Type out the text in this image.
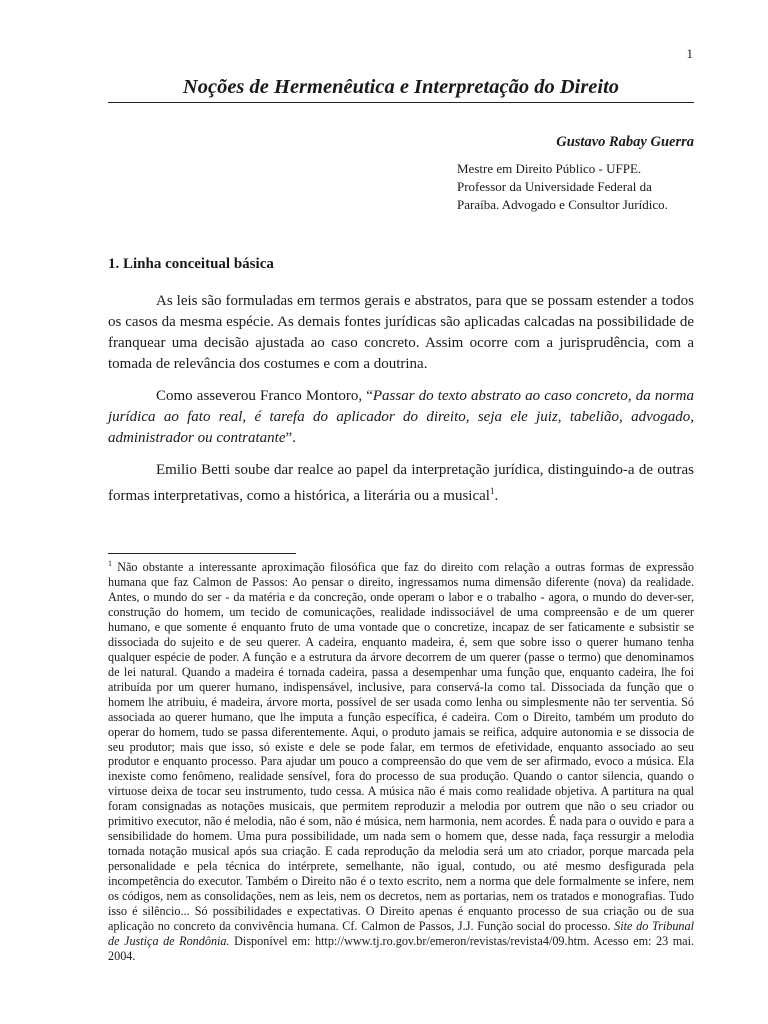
1
Noções de Hermenêutica e Interpretação do Direito
Gustavo Rabay Guerra
Mestre em Direito Público - UFPE.
Professor da Universidade Federal da
Paraíba. Advogado e Consultor Jurídico.
1. Linha conceitual básica

As leis são formuladas em termos gerais e abstratos, para que se possam estender a todos os casos da mesma espécie. As demais fontes jurídicas são aplicadas calcadas na possibilidade de franquear uma decisão ajustada ao caso concreto. Assim ocorre com a jurisprudência, com a tomada de relevância dos costumes e com a doutrina.

Como asseverou Franco Montoro, “Passar do texto abstrato ao caso concreto, da norma jurídica ao fato real, é tarefa do aplicador do direito, seja ele juiz, tabelião, advogado, administrador ou contratante”.

Emilio Betti soube dar realce ao papel da interpretação jurídica, distinguindo-a de outras formas interpretativas, como a histórica, a literária ou a musical$^1$.

$^1$ Não obstante a interessante aproximação filosófica que faz do direito com relação a outras formas de expressão humana que faz Calmon de Passos: Ao pensar o direito, ingressamos numa dimensão diferente (nova) da realidade. Antes, o mundo do ser - da matéria e da concreção, onde operam o labor e o trabalho - agora, o mundo do dever-ser, construção do homem, um tecido de comunicações, realidade indissociável de uma compreensão e de um querer humano, e que somente é enquanto fruto de uma vontade que o concretize, incapaz de ser faticamente e subsistir se dissociada do sujeito e de seu querer. A cadeira, enquanto madeira, é, sem que sobre isso o querer humano tenha qualquer espécie de poder. A função e a estrutura da árvore decorrem de um querer (passe o termo) que denominamos de lei natural. Quando a madeira é tornada cadeira, passa a desempenhar uma função que, enquanto cadeira, lhe foi atribuída por um querer humano, indispensável, inclusive, para conservá-la como tal. Dissociada da função que o homem lhe atribuiu, é madeira, árvore morta, possível de ser usada como lenha ou simplesmente não ter serventia. Só associada ao querer humano, que lhe imputa a função específica, é cadeira. Com o Direito, também um produto do operar do homem, tudo se passa diferentemente. Aqui, o produto jamais se reifica, adquire autonomia e se dissocia de seu produtor; mais que isso, só existe e dele se pode falar, em termos de efetividade, enquanto associado ao seu produtor e enquanto processo. Para ajudar um pouco a compreensão do que vem de ser afirmado, evoco a música. Ela inexiste como fenômeno, realidade sensível, fora do processo de sua produção. Quando o cantor silencia, quando o virtuose deixa de tocar seu instrumento, tudo cessa. A música não é mais como realidade objetiva. A partitura na qual foram consignadas as notações musicais, que permitem reproduzir a melodia por outrem que não o seu criador ou primitivo executor, não é melodia, não é som, não é música, nem harmonia, nem acordes. É nada para o ouvido e para a sensibilidade do homem. Uma pura possibilidade, um nada sem o homem que, desse nada, faça ressurgir a melodia tornada notação musical após sua criação. E cada reprodução da melodia será um ato criador, porque marcada pela personalidade e pela técnica do intérprete, semelhante, não igual, contudo, ou até mesmo desfigurada pela incompetência do executor. Também o Direito não é o texto escrito, nem a norma que dele formalmente se infere, nem os códigos, nem as consolidações, nem as leis, nem os decretos, nem as portarias, nem os tratados e monografias. Tudo isso é silêncio... Só possibilidades e expectativas. O Direito apenas é enquanto processo de sua criação ou de sua aplicação no concreto da convivência humana. Cf. Calmon de Passos, J.J. Função social do processo. Site do Tribunal de Justiça de Rondônia. Disponível em: http://www.tj.ro.gov.br/emeron/revistas/revista4/09.htm. Acesso em: 23 mai. 2004.
